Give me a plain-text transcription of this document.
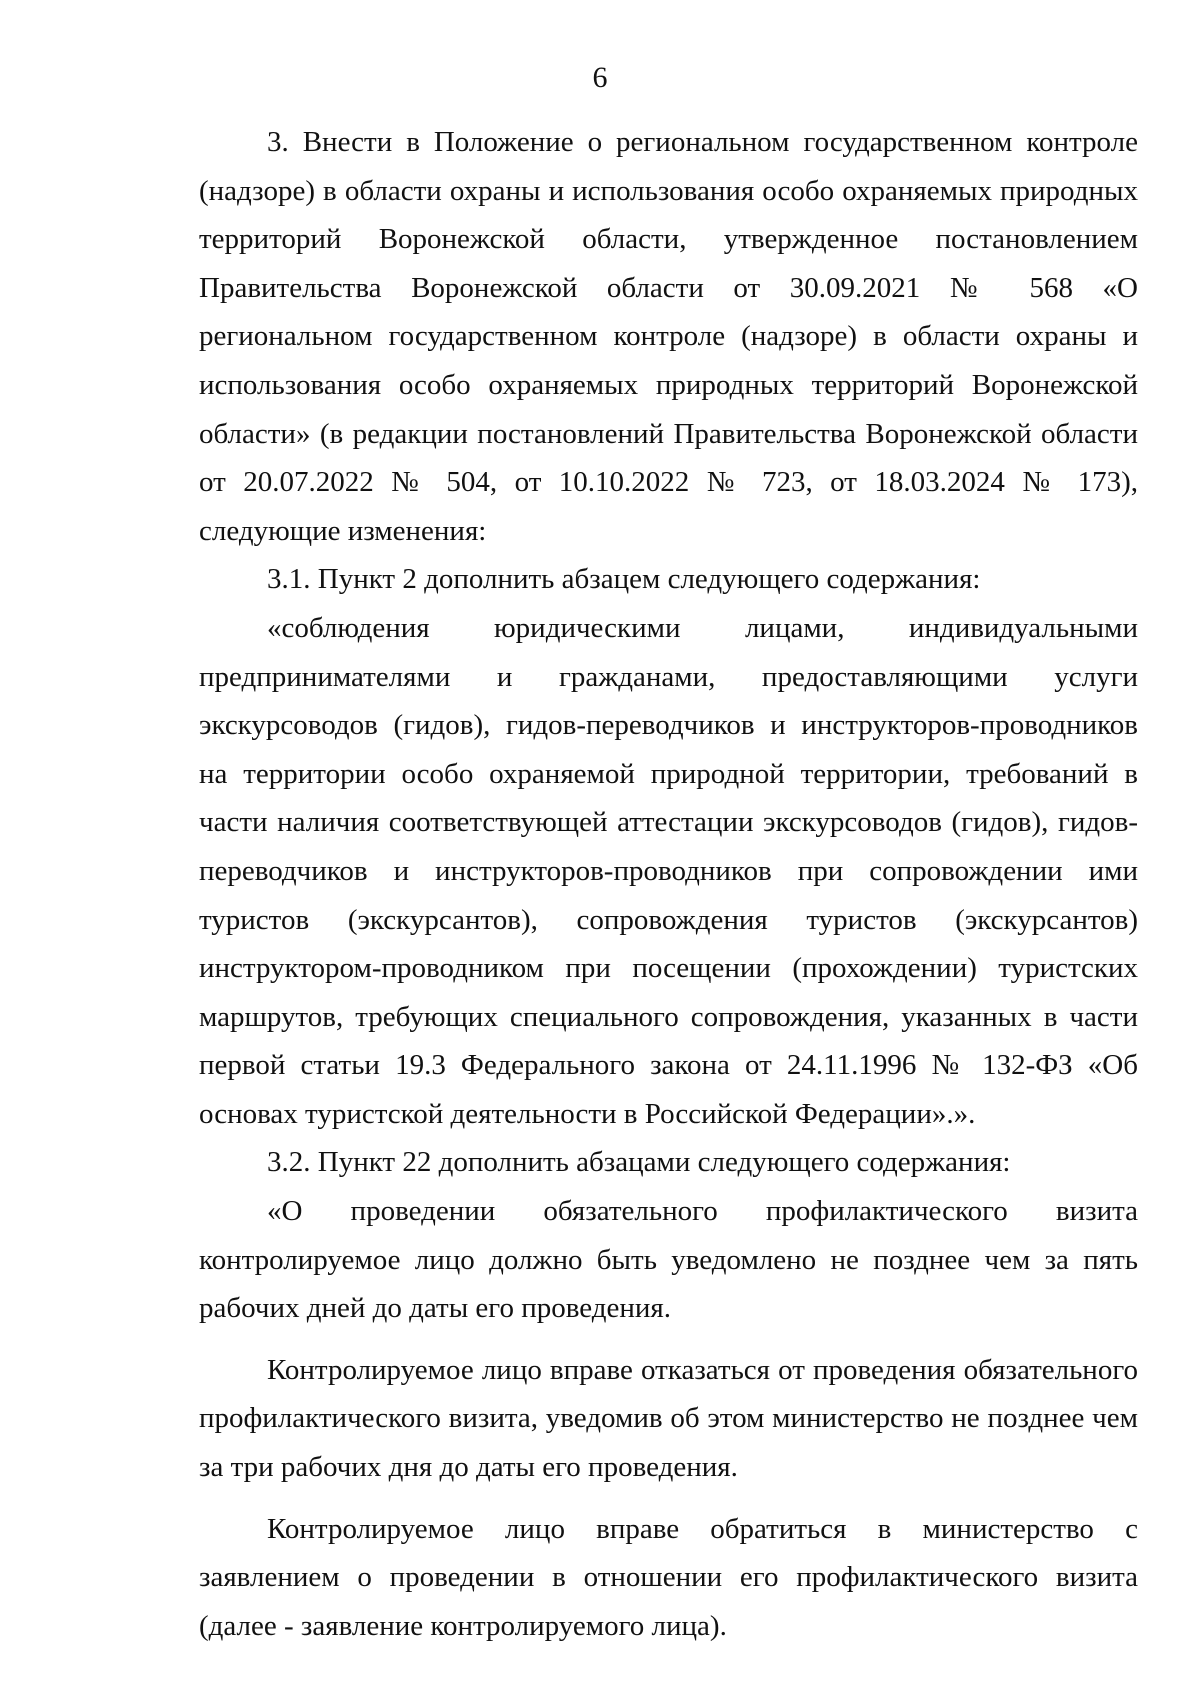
6

3. Внести в Положение о региональном государственном контроле (надзоре) в области охраны и использования особо охраняемых природных территорий Воронежской области, утвержденное постановлением Правительства Воронежской области от 30.09.2021 № 568 «О региональном государственном контроле (надзоре) в области охраны и использования особо охраняемых природных территорий Воронежской области» (в редакции постановлений Правительства Воронежской области от 20.07.2022 № 504, от 10.10.2022 № 723, от 18.03.2024 № 173), следующие изменения:

3.1. Пункт 2 дополнить абзацем следующего содержания:

«соблюдения юридическими лицами, индивидуальными предпринимателями и гражданами, предоставляющими услуги экскурсоводов (гидов), гидов-переводчиков и инструкторов-проводников на территории особо охраняемой природной территории, требований в части наличия соответствующей аттестации экскурсоводов (гидов), гидов-переводчиков и инструкторов-проводников при сопровождении ими туристов (экскурсантов), сопровождения туристов (экскурсантов) инструктором-проводником при посещении (прохождении) туристских маршрутов, требующих специального сопровождения, указанных в части первой статьи 19.3 Федерального закона от 24.11.1996 № 132-ФЗ «Об основах туристской деятельности в Российской Федерации».».

3.2. Пункт 22 дополнить абзацами следующего содержания:

«О проведении обязательного профилактического визита контролируемое лицо должно быть уведомлено не позднее чем за пять рабочих дней до даты его проведения.

Контролируемое лицо вправе отказаться от проведения обязательного профилактического визита, уведомив об этом министерство не позднее чем за три рабочих дня до даты его проведения.

Контролируемое лицо вправе обратиться в министерство с заявлением о проведении в отношении его профилактического визита (далее - заявление контролируемого лица).
